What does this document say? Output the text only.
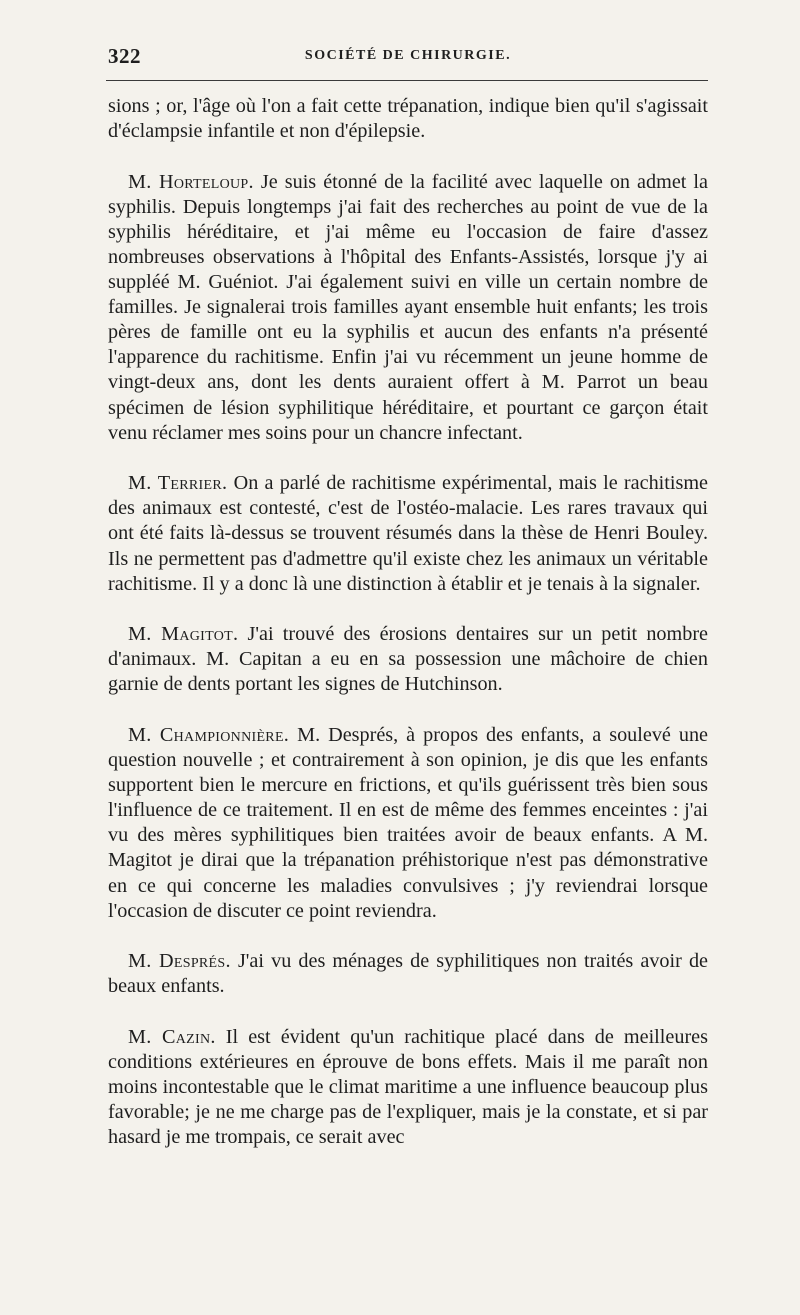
322	SOCIÉTÉ DE CHIRURGIE.

sions ; or, l'âge où l'on a fait cette trépanation, indique bien qu'il s'agissait d'éclampsie infantile et non d'épilepsie.

M. Horteloup. Je suis étonné de la facilité avec laquelle on admet la syphilis. Depuis longtemps j'ai fait des recherches au point de vue de la syphilis héréditaire, et j'ai même eu l'occasion de faire d'assez nombreuses observations à l'hôpital des Enfants-Assistés, lorsque j'y ai suppléé M. Guéniot. J'ai également suivi en ville un certain nombre de familles. Je signalerai trois familles ayant ensemble huit enfants; les trois pères de famille ont eu la syphilis et aucun des enfants n'a présenté l'apparence du rachitisme. Enfin j'ai vu récemment un jeune homme de vingt-deux ans, dont les dents auraient offert à M. Parrot un beau spécimen de lésion syphilitique héréditaire, et pourtant ce garçon était venu réclamer mes soins pour un chancre infectant.

M. Terrier. On a parlé de rachitisme expérimental, mais le rachitisme des animaux est contesté, c'est de l'ostéo-malacie. Les rares travaux qui ont été faits là-dessus se trouvent résumés dans la thèse de Henri Bouley. Ils ne permettent pas d'admettre qu'il existe chez les animaux un véritable rachitisme. Il y a donc là une distinction à établir et je tenais à la signaler.

M. Magitot. J'ai trouvé des érosions dentaires sur un petit nombre d'animaux. M. Capitan a eu en sa possession une mâchoire de chien garnie de dents portant les signes de Hutchinson.

M. Championnière. M. Després, à propos des enfants, a soulevé une question nouvelle ; et contrairement à son opinion, je dis que les enfants supportent bien le mercure en frictions, et qu'ils guérissent très bien sous l'influence de ce traitement. Il en est de même des femmes enceintes : j'ai vu des mères syphilitiques bien traitées avoir de beaux enfants. A M. Magitot je dirai que la trépanation préhistorique n'est pas démonstrative en ce qui concerne les maladies convulsives ; j'y reviendrai lorsque l'occasion de discuter ce point reviendra.

M. Després. J'ai vu des ménages de syphilitiques non traités avoir de beaux enfants.

M. Cazin. Il est évident qu'un rachitique placé dans de meilleures conditions extérieures en éprouve de bons effets. Mais il me paraît non moins incontestable que le climat maritime a une influence beaucoup plus favorable; je ne me charge pas de l'expliquer, mais je la constate, et si par hasard je me trompais, ce serait avec
